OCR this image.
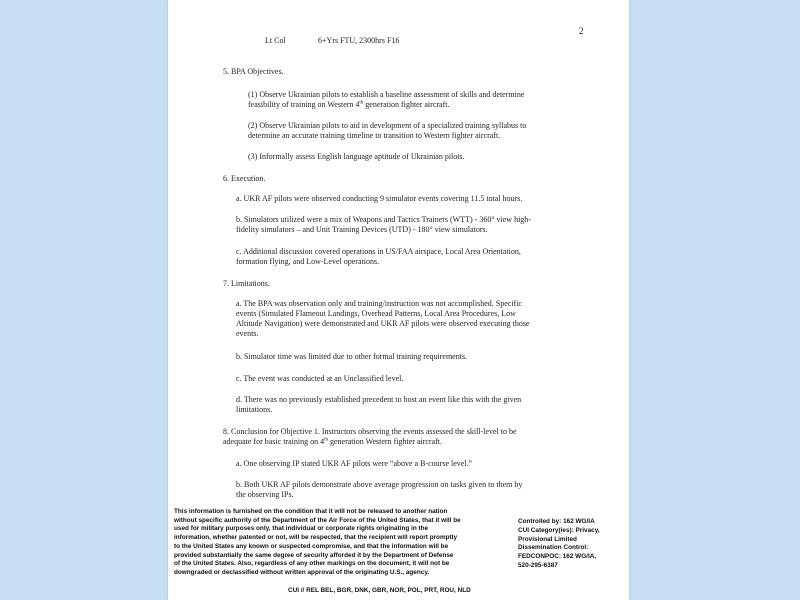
2

Lt Col	6+Yrs FTU, 2300hrs F16

5. BPA Objectives.

(1) Observe Ukrainian pilots to establish a baseline assessment of skills and determine
feasibility of training on Western 4th generation fighter aircraft.
(2) Observe Ukrainian pilots to aid in development of a specialized training syllabus to
determine an accurate training timeline to transition to Western fighter aircraft.

(3) Informally assess English language aptitude of Ukrainian pilots.

6. Execution.

a. UKR AF pilots were observed conducting 9 simulator events covering 11.5 total hours.

b. Simulators utilized were a mix of Weapons and Tactics Trainers (WTT) - 360° view high-
fidelity simulators – and Unit Training Devices (UTD) - 180° view simulators.
c. Additional discussion covered operations in US/FAA airspace, Local Area Orientation,
formation flying, and Low-Level operations.

7. Limitations.

a. The BPA was observation only and training/instruction was not accomplished. Specific
events (Simulated Flameout Landings, Overhead Patterns, Local Area Procedures, Low
Altitude Navigation) were demonstrated and UKR AF pilots were observed executing those
events.

b. Simulator time was limited due to other formal training requirements.

c. The event was conducted at an Unclassified level.

d. There was no previously established precedent to host an event like this with the given
limitations.
8. Conclusion for Objective 1. Instructors observing the events assessed the skill-level to be
adequate for basic training on 4th generation Western fighter aircraft.

a. One observing IP stated UKR AF pilots were “above a B-course level.”

b. Both UKR AF pilots demonstrate above average progression on tasks given to them by
the observing IPs.
This information is furnished on the condition that it will not be released to another nation
without specific authority of the Department of the Air Force of the United States, that it will be
used for military purposes only, that individual or corporate rights originating in the
information, whether patented or not, will be respected, that the recipient will report promptly
to the United States any known or suspected compromise, and that the information will be
provided substantially the same degree of security afforded it by the Department of Defense
of the United States. Also, regardless of any other markings on the document, it will not be
downgraded or declassified without written approval of the originating U.S., agency.
Controlled by: 162 WG/IA
CUI Category(ies): Privacy,
Provisional Limited
Dissemination Control:
FEDCONPOC: 162 WG/IA,
520-295-6387
CUI // REL BEL, BGR, DNK, GBR, NOR, POL, PRT, ROU, NLD
